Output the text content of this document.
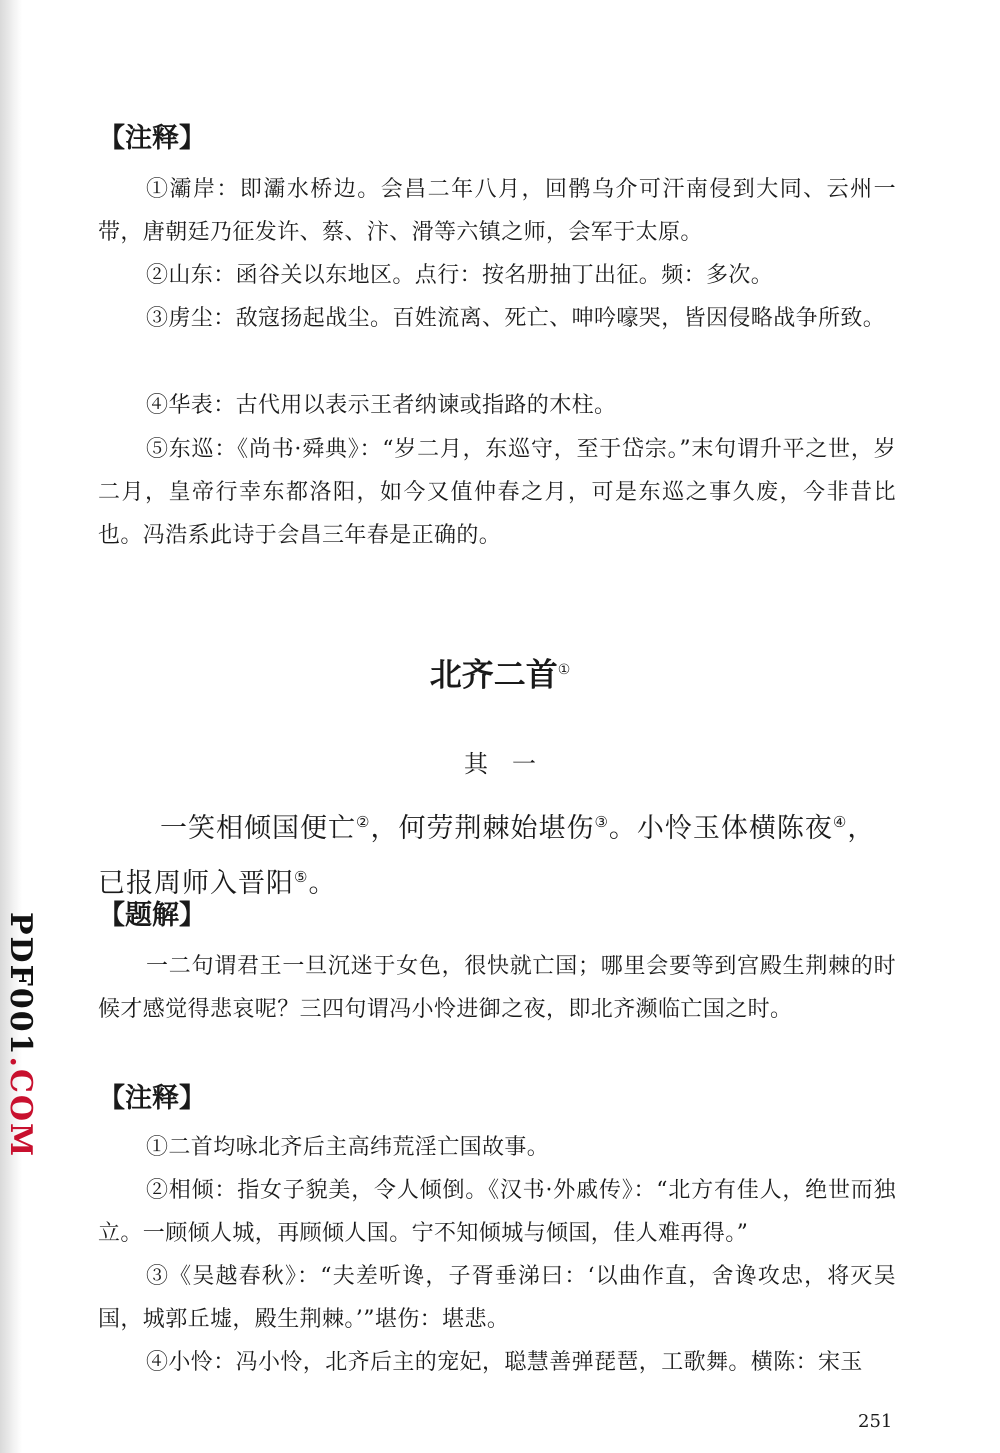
PDF001.COM
【注释】
①灞岸：即灞水桥边。会昌二年八月，回鹘乌介可汗南侵到大同、云州一带，唐朝廷乃征发许、蔡、汴、滑等六镇之师，会军于太原。
②山东：函谷关以东地区。点行：按名册抽丁出征。频：多次。
③虏尘：敌寇扬起战尘。百姓流离、死亡、呻吟嚎哭，皆因侵略战争所致。
④华表：古代用以表示王者纳谏或指路的木柱。
⑤东巡：《尚书·舜典》：“岁二月，东巡守，至于岱宗。”末句谓升平之世，岁二月，皇帝行幸东都洛阳，如今又值仲春之月，可是东巡之事久废，今非昔比也。冯浩系此诗于会昌三年春是正确的。
北齐二首①
其一
一笑相倾国便亡②，何劳荆棘始堪伤③。小怜玉体横陈夜④，已报周师入晋阳⑤。
【题解】
一二句谓君王一旦沉迷于女色，很快就亡国；哪里会要等到宫殿生荆棘的时候才感觉得悲哀呢？三四句谓冯小怜进御之夜，即北齐濒临亡国之时。
【注释】
①二首均咏北齐后主高纬荒淫亡国故事。
②相倾：指女子貌美，令人倾倒。《汉书·外戚传》：“北方有佳人，绝世而独立。一顾倾人城，再顾倾人国。宁不知倾城与倾国，佳人难再得。”
③《吴越春秋》：“夫差听谗，子胥垂涕曰：‘以曲作直，舍谗攻忠，将灭吴国，城郭丘墟，殿生荆棘。’”堪伤：堪悲。
④小怜：冯小怜，北齐后主的宠妃，聪慧善弹琵琶，工歌舞。横陈：宋玉
251
